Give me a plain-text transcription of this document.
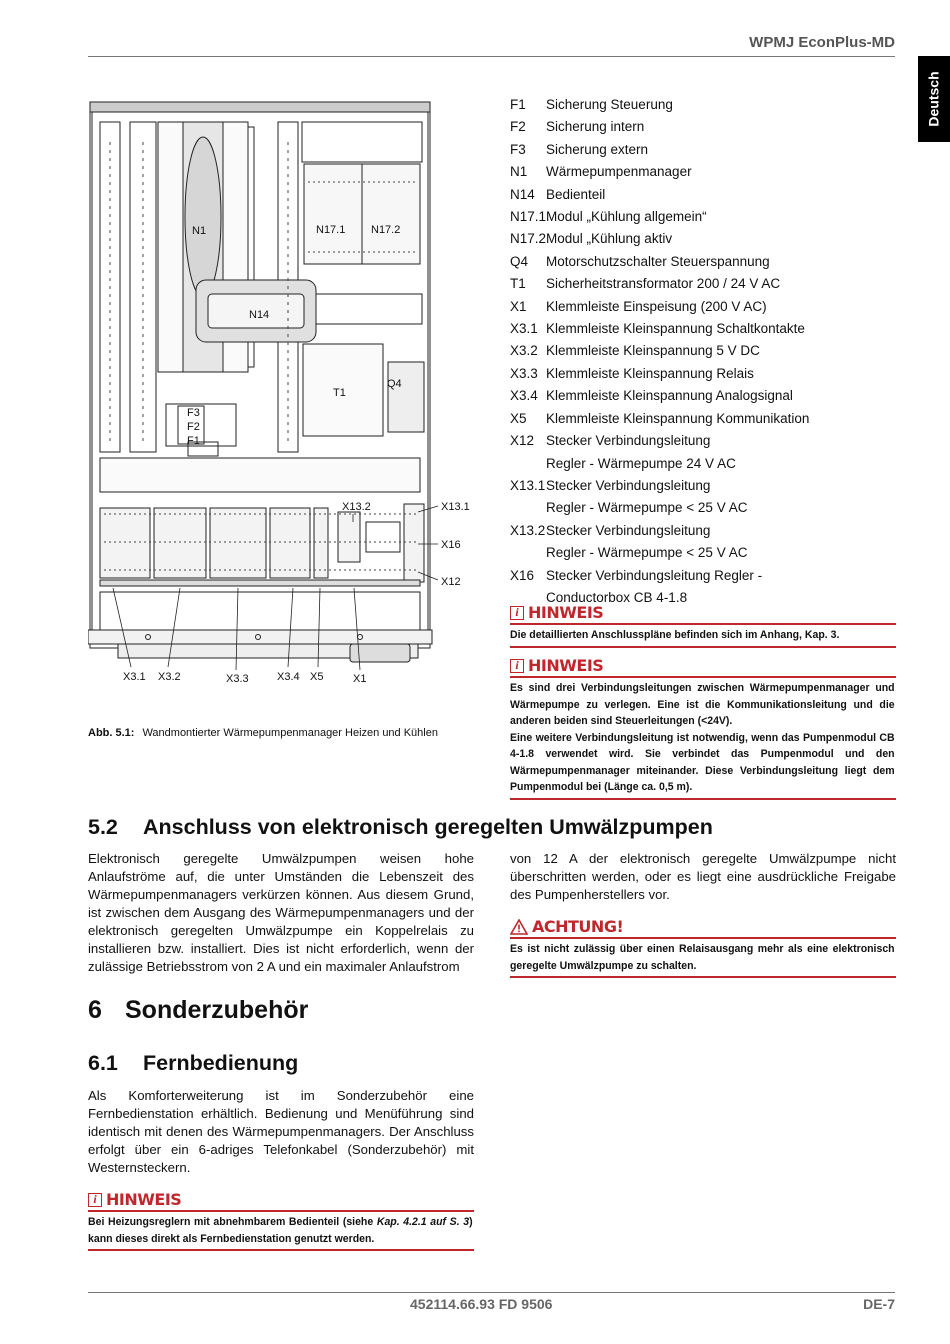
WPMJ EconPlus-MD
Deutsch
N1	N17.1 N17.2
N14
T1
Q4
F3
F2
F1
X13.2	X13.1
X16
X12
X3.1 X3.2	X3.3	X3.4 X5	X1
Abb. 5.1: Wandmontierter Wärmepumpenmanager Heizen und Kühlen
F1	Sicherung Steuerung
F2	Sicherung intern
F3	Sicherung extern
N1	Wärmepumpenmanager
N14 Bedienteil
N17.1 Modul „Kühlung allgemein“
N17.2 Modul „Kühlung aktiv
Q4	Motorschutzschalter Steuerspannung
T1	Sicherheitstransformator 200 / 24 V AC
X1	Klemmleiste Einspeisung (200 V AC)
X3.1 Klemmleiste Kleinspannung Schaltkontakte
X3.2 Klemmleiste Kleinspannung 5 V DC
X3.3 Klemmleiste Kleinspannung Relais
X3.4 Klemmleiste Kleinspannung Analogsignal
X5	Klemmleiste Kleinspannung Kommunikation
X12 Stecker Verbindungsleitung
Regler - Wärmepumpe 24 V AC
X13.1 Stecker Verbindungsleitung
Regler - Wärmepumpe < 25 V AC
X13.2 Stecker Verbindungsleitung
Regler - Wärmepumpe < 25 V AC
X16 Stecker Verbindungsleitung Regler -
Conductorbox CB 4-1.8
i HINWEIS
Die detaillierten Anschlusspläne befinden sich im Anhang, Kap. 3.
i HINWEIS
Es sind drei Verbindungsleitungen zwischen Wärmepumpenmanager und Wärmepumpe zu verlegen. Eine ist die Kommunikationsleitung und die anderen beiden sind Steuerleitungen (<24V).
Eine weitere Verbindungsleitung ist notwendig, wenn das Pumpenmodul CB 4-1.8 verwendet wird. Sie verbindet das Pumpenmodul und den Wärmepumpenmanager miteinander. Diese Verbindungsleitung liegt dem Pumpenmodul bei (Länge ca. 0,5 m).
5.2 Anschluss von elektronisch geregelten Umwälzpumpen
Elektronisch geregelte Umwälzpumpen weisen hohe Anlaufströme auf, die unter Umständen die Lebenszeit des Wärmepumpenmanagers verkürzen können. Aus diesem Grund, ist zwischen dem Ausgang des Wärmepumpenmanagers und der elektronisch geregelten Umwälzpumpe ein Koppelrelais zu installieren bzw. installiert. Dies ist nicht erforderlich, wenn der zulässige Betriebsstrom von 2 A und ein maximaler Anlaufstrom
von 12 A der elektronisch geregelte Umwälzpumpe nicht überschritten werden, oder es liegt eine ausdrückliche Freigabe des Pumpenherstellers vor.
ACHTUNG!
Es ist nicht zulässig über einen Relaisausgang mehr als eine elektronisch geregelte Umwälzpumpe zu schalten.
6 Sonderzubehör
6.1 Fernbedienung
Als Komforterweiterung ist im Sonderzubehör eine Fernbedienstation erhältlich. Bedienung und Menüführung sind identisch mit denen des Wärmepumpenmanagers. Der Anschluss erfolgt über ein 6-adriges Telefonkabel (Sonderzubehör) mit Westernsteckern.
i HINWEIS
Bei Heizungsreglern mit abnehmbarem Bedienteil (siehe Kap. 4.2.1 auf S. 3) kann dieses direkt als Fernbedienstation genutzt werden.
452114.66.93 FD 9506	DE-7
